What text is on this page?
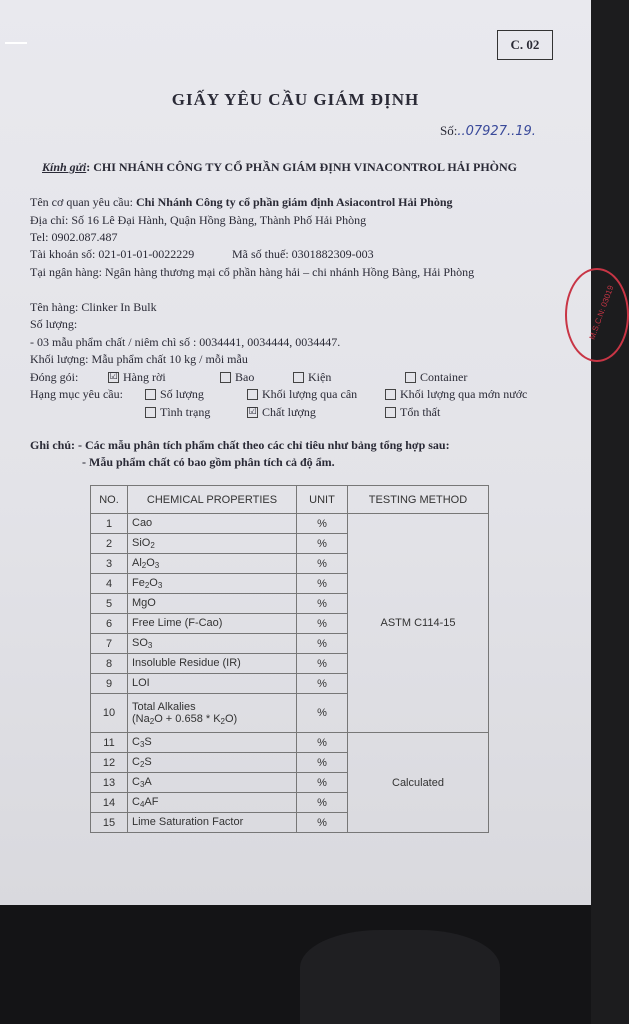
C. 02
GIẤY YÊU CẦU GIÁM ĐỊNH
Số:..07927..19.
Kính gửi: CHI NHÁNH CÔNG TY CỔ PHẦN GIÁM ĐỊNH VINACONTROL HẢI PHÒNG
Tên cơ quan yêu cầu: Chi Nhánh Công ty cổ phần giám định Asiacontrol Hải Phòng
Địa chỉ: Số 16 Lê Đại Hành, Quận Hồng Bàng, Thành Phố Hải Phòng
Tel: 0902.087.487
Tài khoản số: 021-01-01-0022229	Mã số thuế: 0301882309-003
Tại ngân hàng: Ngân hàng thương mại cổ phần hàng hải – chi nhánh Hồng Bàng, Hải Phòng
Tên hàng: Clinker In Bulk
Số lượng:
- 03 mẫu phẩm chất / niêm chì số : 0034441, 0034444, 0034447.
Khối lượng: Mẫu phẩm chất 10 kg / mỗi mẫu
Đóng gói:	☑ Hàng rời	Bao	Kiện	Container
Hạng mục yêu cầu:	Số lượng	Khối lượng qua cân	Khối lượng qua mớn nước
Tình trạng	☑ Chất lượng	Tổn thất
Ghi chú: - Các mẫu phân tích phẩm chất theo các chỉ tiêu như bảng tổng hợp sau:
- Mẫu phẩm chất có bao gồm phân tích cả độ ẩm.
NO.	CHEMICAL PROPERTIES	UNIT	TESTING METHOD
1	Cao	%	ASTM C114-15
2	SiO$_2$	%	
3	$Al_2O_3$	%	
4	$Fe_2O_3$	%	
5	MgO	%	
6	Free Lime (F-Cao)	%	
7	$SO_3$	%	
8	Insoluble Residue (IR)	%	
9	LOI	%	
10	Total Alkalies
$(Na_2O + 0.658 * K_2O)$	%	
11	$C_3S$	%	Calculated
12	$C_2S$	%	
13	$C_3A$	%	
14	$C_4AF$	%	
15	Lime Saturation Factor	%	
M.S.C.N: 03019
